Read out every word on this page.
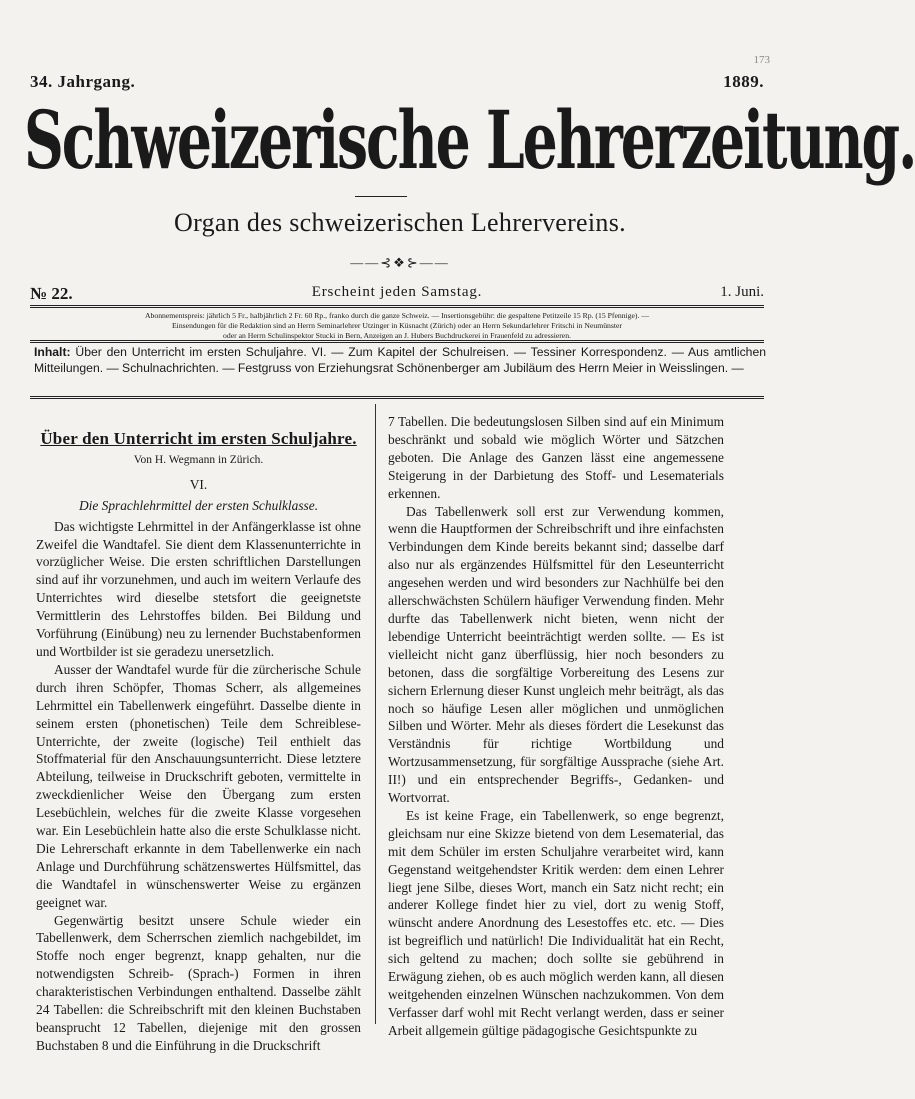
173
34. Jahrgang.	1889.
Schweizerische Lehrerzeitung.
Organ des schweizerischen Lehrervereins.
——⊰❖⊱——
№ 22.	Erscheint jeden Samstag.	1. Juni.
Abonnementspreis: jährlich 5 Fr., halbjährlich 2 Fr. 60 Rp., franko durch die ganze Schweiz. — Insertionsgebühr: die gespaltene Petitzeile 15 Rp. (15 Pfennige). —
Einsendungen für die Redaktion sind an Herrn Seminarlehrer Utzinger in Küsnacht (Zürich) oder an Herrn Sekundarlehrer Fritschi in Neumünster
oder an Herrn Schulinspektor Stucki in Bern, Anzeigen an J. Hubers Buchdruckerei in Frauenfeld zu adressieren.
Inhalt: Über den Unterricht im ersten Schuljahre. VI. — Zum Kapitel der Schulreisen. — Tessiner Korrespondenz. — Aus amtlichen Mitteilungen. — Schulnachrichten. — Festgruss von Erziehungsrat Schönenberger am Jubiläum des Herrn Meier in Weisslingen. —
Über den Unterricht im ersten Schuljahre.
Von H. Wegmann in Zürich.
VI.
Die Sprachlehrmittel der ersten Schulklasse.

Das wichtigste Lehrmittel in der Anfängerklasse ist ohne Zweifel die Wandtafel. Sie dient dem Klassenunterrichte in vorzüglicher Weise. Die ersten schriftlichen Darstellungen sind auf ihr vorzunehmen, und auch im weitern Verlaufe des Unterrichtes wird dieselbe stetsfort die geeignetste Vermittlerin des Lehrstoffes bilden. Bei Bildung und Vorführung (Einübung) neu zu lernender Buchstabenformen und Wortbilder ist sie geradezu unersetzlich.

Ausser der Wandtafel wurde für die zürcherische Schule durch ihren Schöpfer, Thomas Scherr, als allgemeines Lehrmittel ein Tabellenwerk eingeführt. Dasselbe diente in seinem ersten (phonetischen) Teile dem Schreiblese-Unterrichte, der zweite (logische) Teil enthielt das Stoffmaterial für den Anschauungsunterricht. Diese letztere Abteilung, teilweise in Druckschrift geboten, vermittelte in zweckdienlicher Weise den Übergang zum ersten Lesebüchlein, welches für die zweite Klasse vorgesehen war. Ein Lesebüchlein hatte also die erste Schulklasse nicht. Die Lehrerschaft erkannte in dem Tabellenwerke ein nach Anlage und Durchführung schätzenswertes Hülfsmittel, das die Wandtafel in wünschenswerter Weise zu ergänzen geeignet war.

Gegenwärtig besitzt unsere Schule wieder ein Tabellenwerk, dem Scherrschen ziemlich nachgebildet, im Stoffe noch enger begrenzt, knapp gehalten, nur die notwendigsten Schreib- (Sprach-) Formen in ihren charakteristischen Verbindungen enthaltend. Dasselbe zählt 24 Tabellen: die Schreibschrift mit den kleinen Buchstaben beansprucht 12 Tabellen, diejenige mit den grossen Buchstaben 8 und die Einführung in die Druckschrift

7 Tabellen. Die bedeutungslosen Silben sind auf ein Minimum beschränkt und sobald wie möglich Wörter und Sätzchen geboten. Die Anlage des Ganzen lässt eine angemessene Steigerung in der Darbietung des Stoff- und Lesematerials erkennen.

Das Tabellenwerk soll erst zur Verwendung kommen, wenn die Hauptformen der Schreibschrift und ihre einfachsten Verbindungen dem Kinde bereits bekannt sind; dasselbe darf also nur als ergänzendes Hülfsmittel für den Leseunterricht angesehen werden und wird besonders zur Nachhülfe bei den allerschwächsten Schülern häufiger Verwendung finden. Mehr durfte das Tabellenwerk nicht bieten, wenn nicht der lebendige Unterricht beeinträchtigt werden sollte. — Es ist vielleicht nicht ganz überflüssig, hier noch besonders zu betonen, dass die sorgfältige Vorbereitung des Lesens zur sichern Erlernung dieser Kunst ungleich mehr beiträgt, als das noch so häufige Lesen aller möglichen und unmöglichen Silben und Wörter. Mehr als dieses fördert die Lesekunst das Verständnis für richtige Wortbildung und Wortzusammensetzung, für sorgfältige Aussprache (siehe Art. II!) und ein entsprechender Begriffs-, Gedanken- und Wortvorrat.

Es ist keine Frage, ein Tabellenwerk, so enge begrenzt, gleichsam nur eine Skizze bietend von dem Lesematerial, das mit dem Schüler im ersten Schuljahre verarbeitet wird, kann Gegenstand weitgehendster Kritik werden: dem einen Lehrer liegt jene Silbe, dieses Wort, manch ein Satz nicht recht; ein anderer Kollege findet hier zu viel, dort zu wenig Stoff, wünscht andere Anordnung des Lesestoffes etc. etc. — Dies ist begreiflich und natürlich! Die Individualität hat ein Recht, sich geltend zu machen; doch sollte sie gebührend in Erwägung ziehen, ob es auch möglich werden kann, all diesen weitgehenden einzelnen Wünschen nachzukommen. Von dem Verfasser darf wohl mit Recht verlangt werden, dass er seiner Arbeit allgemein gültige pädagogische Gesichtspunkte zu
